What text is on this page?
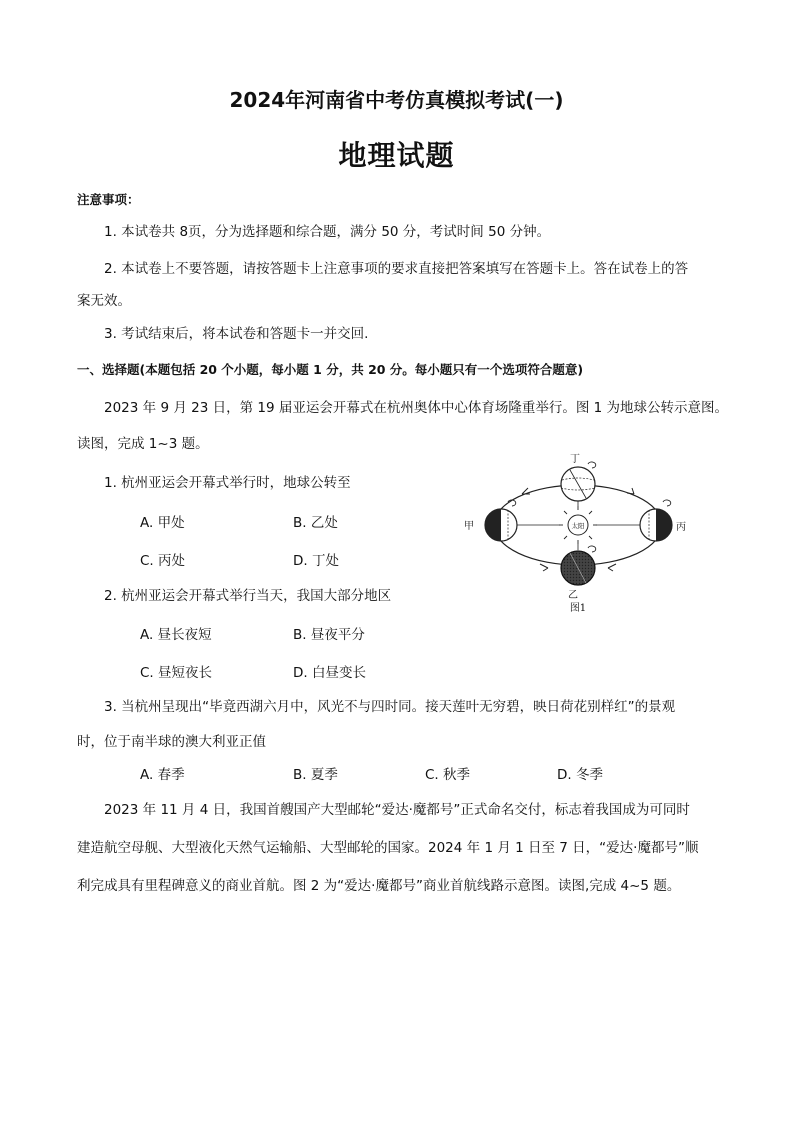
2024年河南省中考仿真模拟考试(一)
地理试题
注意事项：
1. 本试卷共 8页，分为选择题和综合题，满分 50 分，考试时间 50 分钟。
2. 本试卷上不要答题，请按答题卡上注意事项的要求直接把答案填写在答题卡上。答在试卷上的答
案无效。
3. 考试结束后，将本试卷和答题卡一并交回.
一、选择题(本题包括 20 个小题，每小题 1 分，共 20 分。每小题只有一个选项符合题意)
2023 年 9 月 23 日，第 19 届亚运会开幕式在杭州奥体中心体育场隆重举行。图 1 为地球公转示意图。
读图，完成 1~3 题。
1. 杭州亚运会开幕式举行时，地球公转至
A. 甲处	B. 乙处
C. 丙处	D. 丁处
2. 杭州亚运会开幕式举行当天，我国大部分地区
A. 昼长夜短	B. 昼夜平分
C. 昼短夜长	D. 白昼变长
3. 当杭州呈现出“毕竟西湖六月中，风光不与四时同。接天莲叶无穷碧，映日荷花别样红”的景观
时，位于南半球的澳大利亚正值
A. 春季	B. 夏季	C. 秋季	D. 冬季
2023 年 11 月 4 日，我国首艘国产大型邮轮“爱达·魔都号”正式命名交付，标志着我国成为可同时
建造航空母舰、大型液化天然气运输船、大型邮轮的国家。2024 年 1 月 1 日至 7 日，“爱达·魔都号”顺
利完成具有里程碑意义的商业首航。图 2 为“爱达·魔都号”商业首航线路示意图。读图,完成 4~5 题。
太阳
丁
甲	丙
乙
图1
